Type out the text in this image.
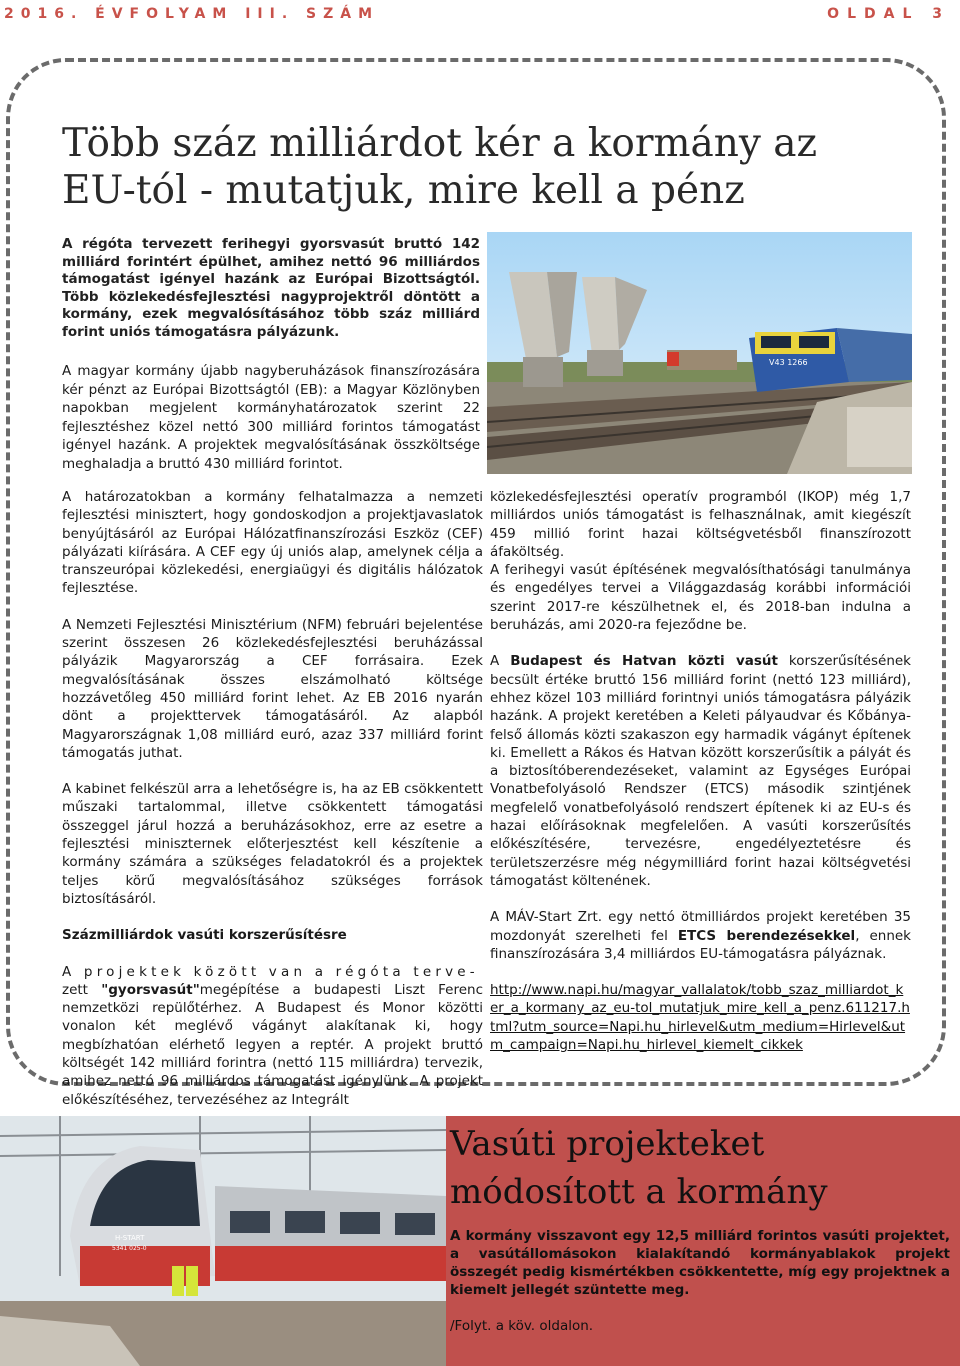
2016. ÉVFOLYAM III. SZÁM	OLDAL 3
Több száz milliárdot kér a kormány az EU-tól - mutatjuk, mire kell a pénz

A régóta tervezett ferihegyi gyorsvasút bruttó 142 milliárd forintért épülhet, amihez nettó 96 milliárdos támogatást igényel hazánk az Európai Bizottságtól. Több közlekedésfejlesztési nagyprojektről döntött a kormány, ezek megvalósításához több száz milliárd forint uniós támogatásra pályázunk.

A magyar kormány újabb nagyberuházások finanszírozására kér pénzt az Európai Bizottságtól (EB): a Magyar Közlönyben napokban megjelent kormányhatározatok szerint 22 fejlesztéshez közel nettó 300 milliárd forintos támogatást igényel hazánk. A projektek megvalósításának összköltsége meghaladja a bruttó 430 milliárd forintot.

V43 1266

A határozatokban a kormány felhatalmazza a nemzeti fejlesztési minisztert, hogy gondoskodjon a projektjavaslatok benyújtásáról az Európai Hálózatfinanszírozási Eszköz (CEF) pályázati kiírására. A CEF egy új uniós alap, amelynek célja a transzeurópai közlekedési, energiaügyi és digitális hálózatok fejlesztése.

A Nemzeti Fejlesztési Minisztérium (NFM) februári bejelentése szerint összesen 26 közlekedésfejlesztési beruházással pályázik Magyarország a CEF forrásaira. Ezek megvalósításának összes elszámolható költsége hozzávetőleg 450 milliárd forint lehet. Az EB 2016 nyarán dönt a projekttervek támogatásáról. Az alapból Magyarországnak 1,08 milliárd euró, azaz 337 milliárd forint támogatás juthat.

A kabinet felkészül arra a lehetőségre is, ha az EB csökkentett műszaki tartalommal, illetve csökkentett támogatási összeggel járul hozzá a beruházásokhoz, erre az esetre a fejlesztési miniszternek előterjesztést kell készítenie a kormány számára a szükséges feladatokról és a projektek teljes körű megvalósításához szükséges források biztosításáról.

Százmilliárdok vasúti korszerűsítésre

A projektek között van a régóta terve-

zett "gyorsvasút"megépítése a budapesti Liszt Ferenc nemzetközi repülőtérhez. A Budapest és Monor közötti vonalon két meglévő vágányt alakítanak ki, hogy megbízhatóan elérhető legyen a reptér. A projekt bruttó költségét 142 milliárd forintra (nettó 115 milliárdra) tervezik, amihez nettó 96 milliárdos támogatást igénylünk. A projekt előkészítéséhez, tervezéséhez az Integrált

közlekedésfejlesztési operatív programból (IKOP) még 1,7 milliárdos uniós támogatást is felhasználnak, amit kiegészít 459 millió forint hazai költségvetésből finanszírozott áfaköltség.

A ferihegyi vasút építésének megvalósíthatósági tanulmánya és engedélyes tervei a Világgazdaság korábbi információi szerint 2017-re készülhetnek el, és 2018-ban indulna a beruházás, ami 2020-ra fejeződne be.

A Budapest és Hatvan közti vasút korszerűsítésének becsült értéke bruttó 156 milliárd forint (nettó 123 milliárd), ehhez közel 103 milliárd forintnyi uniós támogatásra pályázik hazánk. A projekt keretében a Keleti pályaudvar és Kőbánya-felső állomás közti szakaszon egy harmadik vágányt építenek ki. Emellett a Rákos és Hatvan között korszerűsítik a pályát és a biztosítóberendezéseket, valamint az Egységes Európai Vonatbefolyásoló Rendszer (ETCS) második szintjének megfelelő vonatbefolyásoló rendszert építenek ki az EU-s és hazai előírásoknak megfelelően. A vasúti korszerűsítés előkészítésére, tervezésre, engedélyeztetésre és területszerzésre még négymilliárd forint hazai költségvetési támogatást költenének.

A MÁV-Start Zrt. egy nettó ötmilliárdos projekt keretében 35 mozdonyát szerelheti fel ETCS berendezésekkel, ennek finanszírozására 3,4 milliárdos EU-támogatásra pályáznak.

http://www.napi.hu/magyar_vallalatok/tobb_szaz_milliardot_ker_a_kormany_az_eu-tol_mutatjuk_mire_kell_a_penz.611217.html?utm_source=Napi.hu_hirlevel&utm_medium=Hirlevel&utm_campaign=Napi.hu_hirlevel_kiemelt_cikkek

H-START
5341 025-0
Vasúti projekteket módosított a kormány

A kormány visszavont egy 12,5 milliárd forintos vasúti projektet, a vasútállomásokon kialakítandó kormányablakok projekt összegét pedig kismértékben csökkentette, míg egy projektnek a kiemelt jellegét szüntette meg.

/Folyt. a köv. oldalon.
